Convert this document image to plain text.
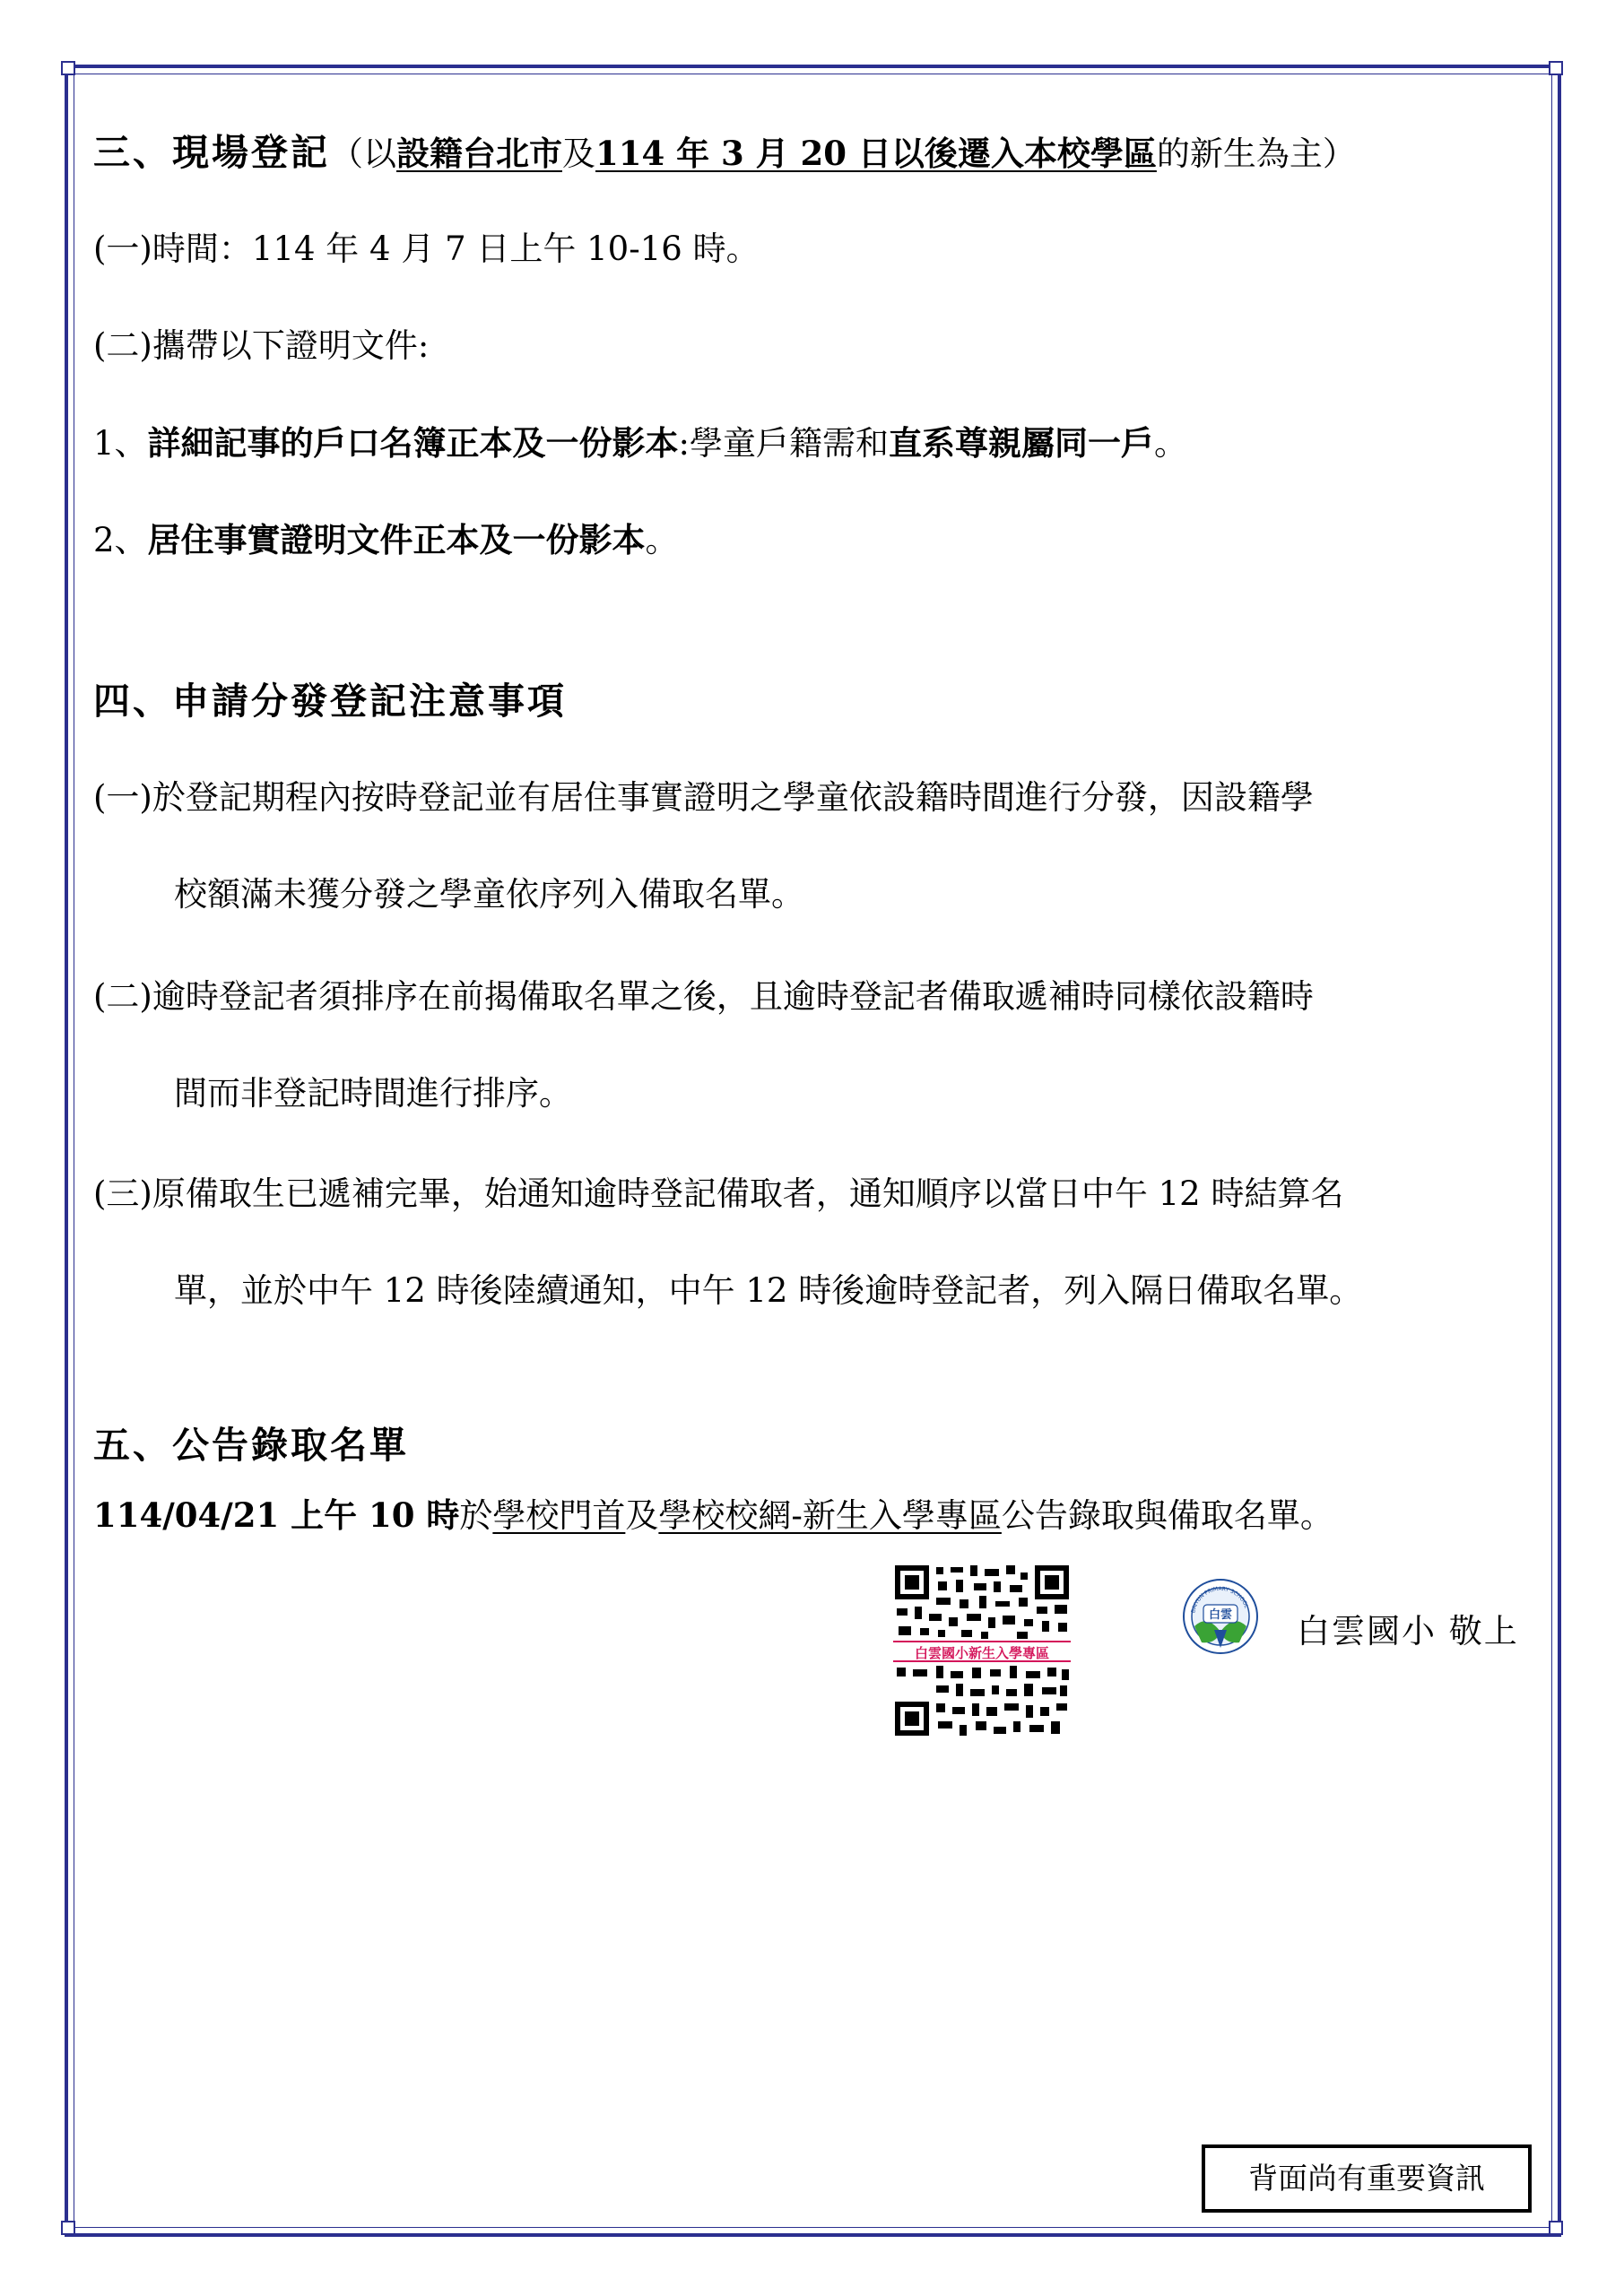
三、現場登記（以設籍台北市及114 年 3 月 20 日以後遷入本校學區的新生為主）
(一)時間：114 年 4 月 7 日上午 10-16 時。
(二)攜帶以下證明文件:
1、詳細記事的戶口名簿正本及一份影本:學童戶籍需和直系尊親屬同一戶。
2、居住事實證明文件正本及一份影本。
四、申請分發登記注意事項
(一)於登記期程內按時登記並有居住事實證明之學童依設籍時間進行分發，因設籍學
校額滿未獲分發之學童依序列入備取名單。
(二)逾時登記者須排序在前揭備取名單之後，且逾時登記者備取遞補時同樣依設籍時
間而非登記時間進行排序。
(三)原備取生已遞補完畢，始通知逾時登記備取者，通知順序以當日中午 12 時結算名
單，並於中午 12 時後陸續通知，中午 12 時後逾時登記者，列入隔日備取名單。
五、公告錄取名單
114/04/21 上午 10 時於學校門首及學校校網-新生入學專區公告錄取與備取名單。
白雲國小新生入學專區
白雲
BAIYUN PRIMARY SCHOOL
白雲國小 敬上
背面尚有重要資訊
